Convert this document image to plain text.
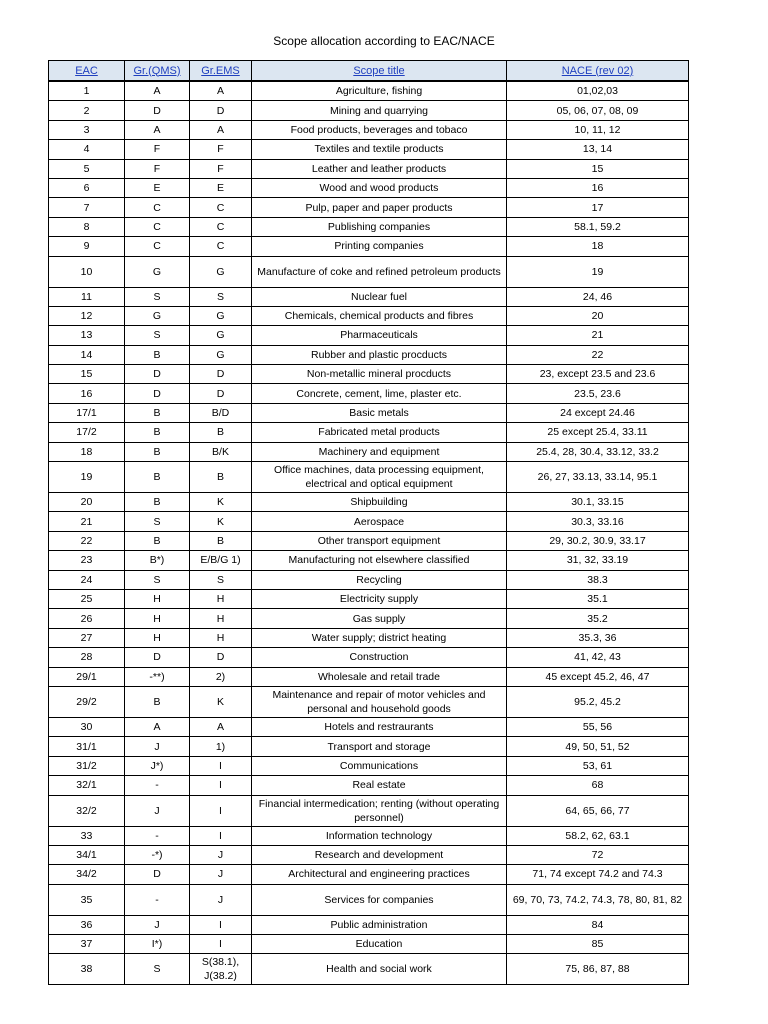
Scope allocation according to EAC/NACE
EAC	Gr.(QMS)	Gr.EMS	Scope title	NACE (rev 02)
1	A	A	Agriculture, fishing	01,02,03
2	D	D	Mining and quarrying	05, 06, 07, 08, 09
3	A	A	Food products, beverages and tobaco	10, 11, 12
4	F	F	Textiles and textile products	13, 14
5	F	F	Leather and leather products	15
6	E	E	Wood and wood products	16
7	C	C	Pulp, paper and paper products	17
8	C	C	Publishing companies	58.1, 59.2
9	C	C	Printing companies	18
10	G	G	Manufacture of coke and refined petroleum products	19
11	S	S	Nuclear fuel	24, 46
12	G	G	Chemicals, chemical products and fibres	20
13	S	G	Pharmaceuticals	21
14	B	G	Rubber and plastic procducts	22
15	D	D	Non-metallic mineral procducts	23, except 23.5 and 23.6
16	D	D	Concrete, cement, lime, plaster etc.	23.5, 23.6
17/1	B	B/D	Basic metals	24 except 24.46
17/2	B	B	Fabricated metal products	25 except 25.4, 33.11
18	B	B/K	Machinery and equipment	25.4, 28, 30.4, 33.12, 33.2
19	B	B	Office machines, data processing equipment, electrical and optical equipment	26, 27, 33.13, 33.14, 95.1
20	B	K	Shipbuilding	30.1, 33.15
21	S	K	Aerospace	30.3, 33.16
22	B	B	Other transport equipment	29, 30.2, 30.9, 33.17
23	B*)	E/B/G 1)	Manufacturing not elsewhere classified	31, 32, 33.19
24	S	S	Recycling	38.3
25	H	H	Electricity supply	35.1
26	H	H	Gas supply	35.2
27	H	H	Water supply; district heating	35.3, 36
28	D	D	Construction	41, 42, 43
29/1	-**)	2)	Wholesale and retail trade	45 except 45.2, 46, 47
29/2	B	K	Maintenance and repair of motor vehicles and personal and household goods	95.2, 45.2
30	A	A	Hotels and restraurants	55, 56
31/1	J	1)	Transport and storage	49, 50, 51, 52
31/2	J*)	I	Communications	53, 61
32/1	-	I	Real estate	68
32/2	J	I	Financial intermedication; renting (without operating personnel)	64, 65, 66, 77
33	-	I	Information technology	58.2, 62, 63.1
34/1	-*)	J	Research and development	72
34/2	D	J	Architectural and engineering practices	71, 74 except 74.2 and 74.3
35	-	J	Services for companies	69, 70, 73, 74.2, 74.3, 78, 80, 81, 82
36	J	I	Public administration	84
37	I*)	I	Education	85
38	S	S(38.1), J(38.2)	Health and social work	75, 86, 87, 88
